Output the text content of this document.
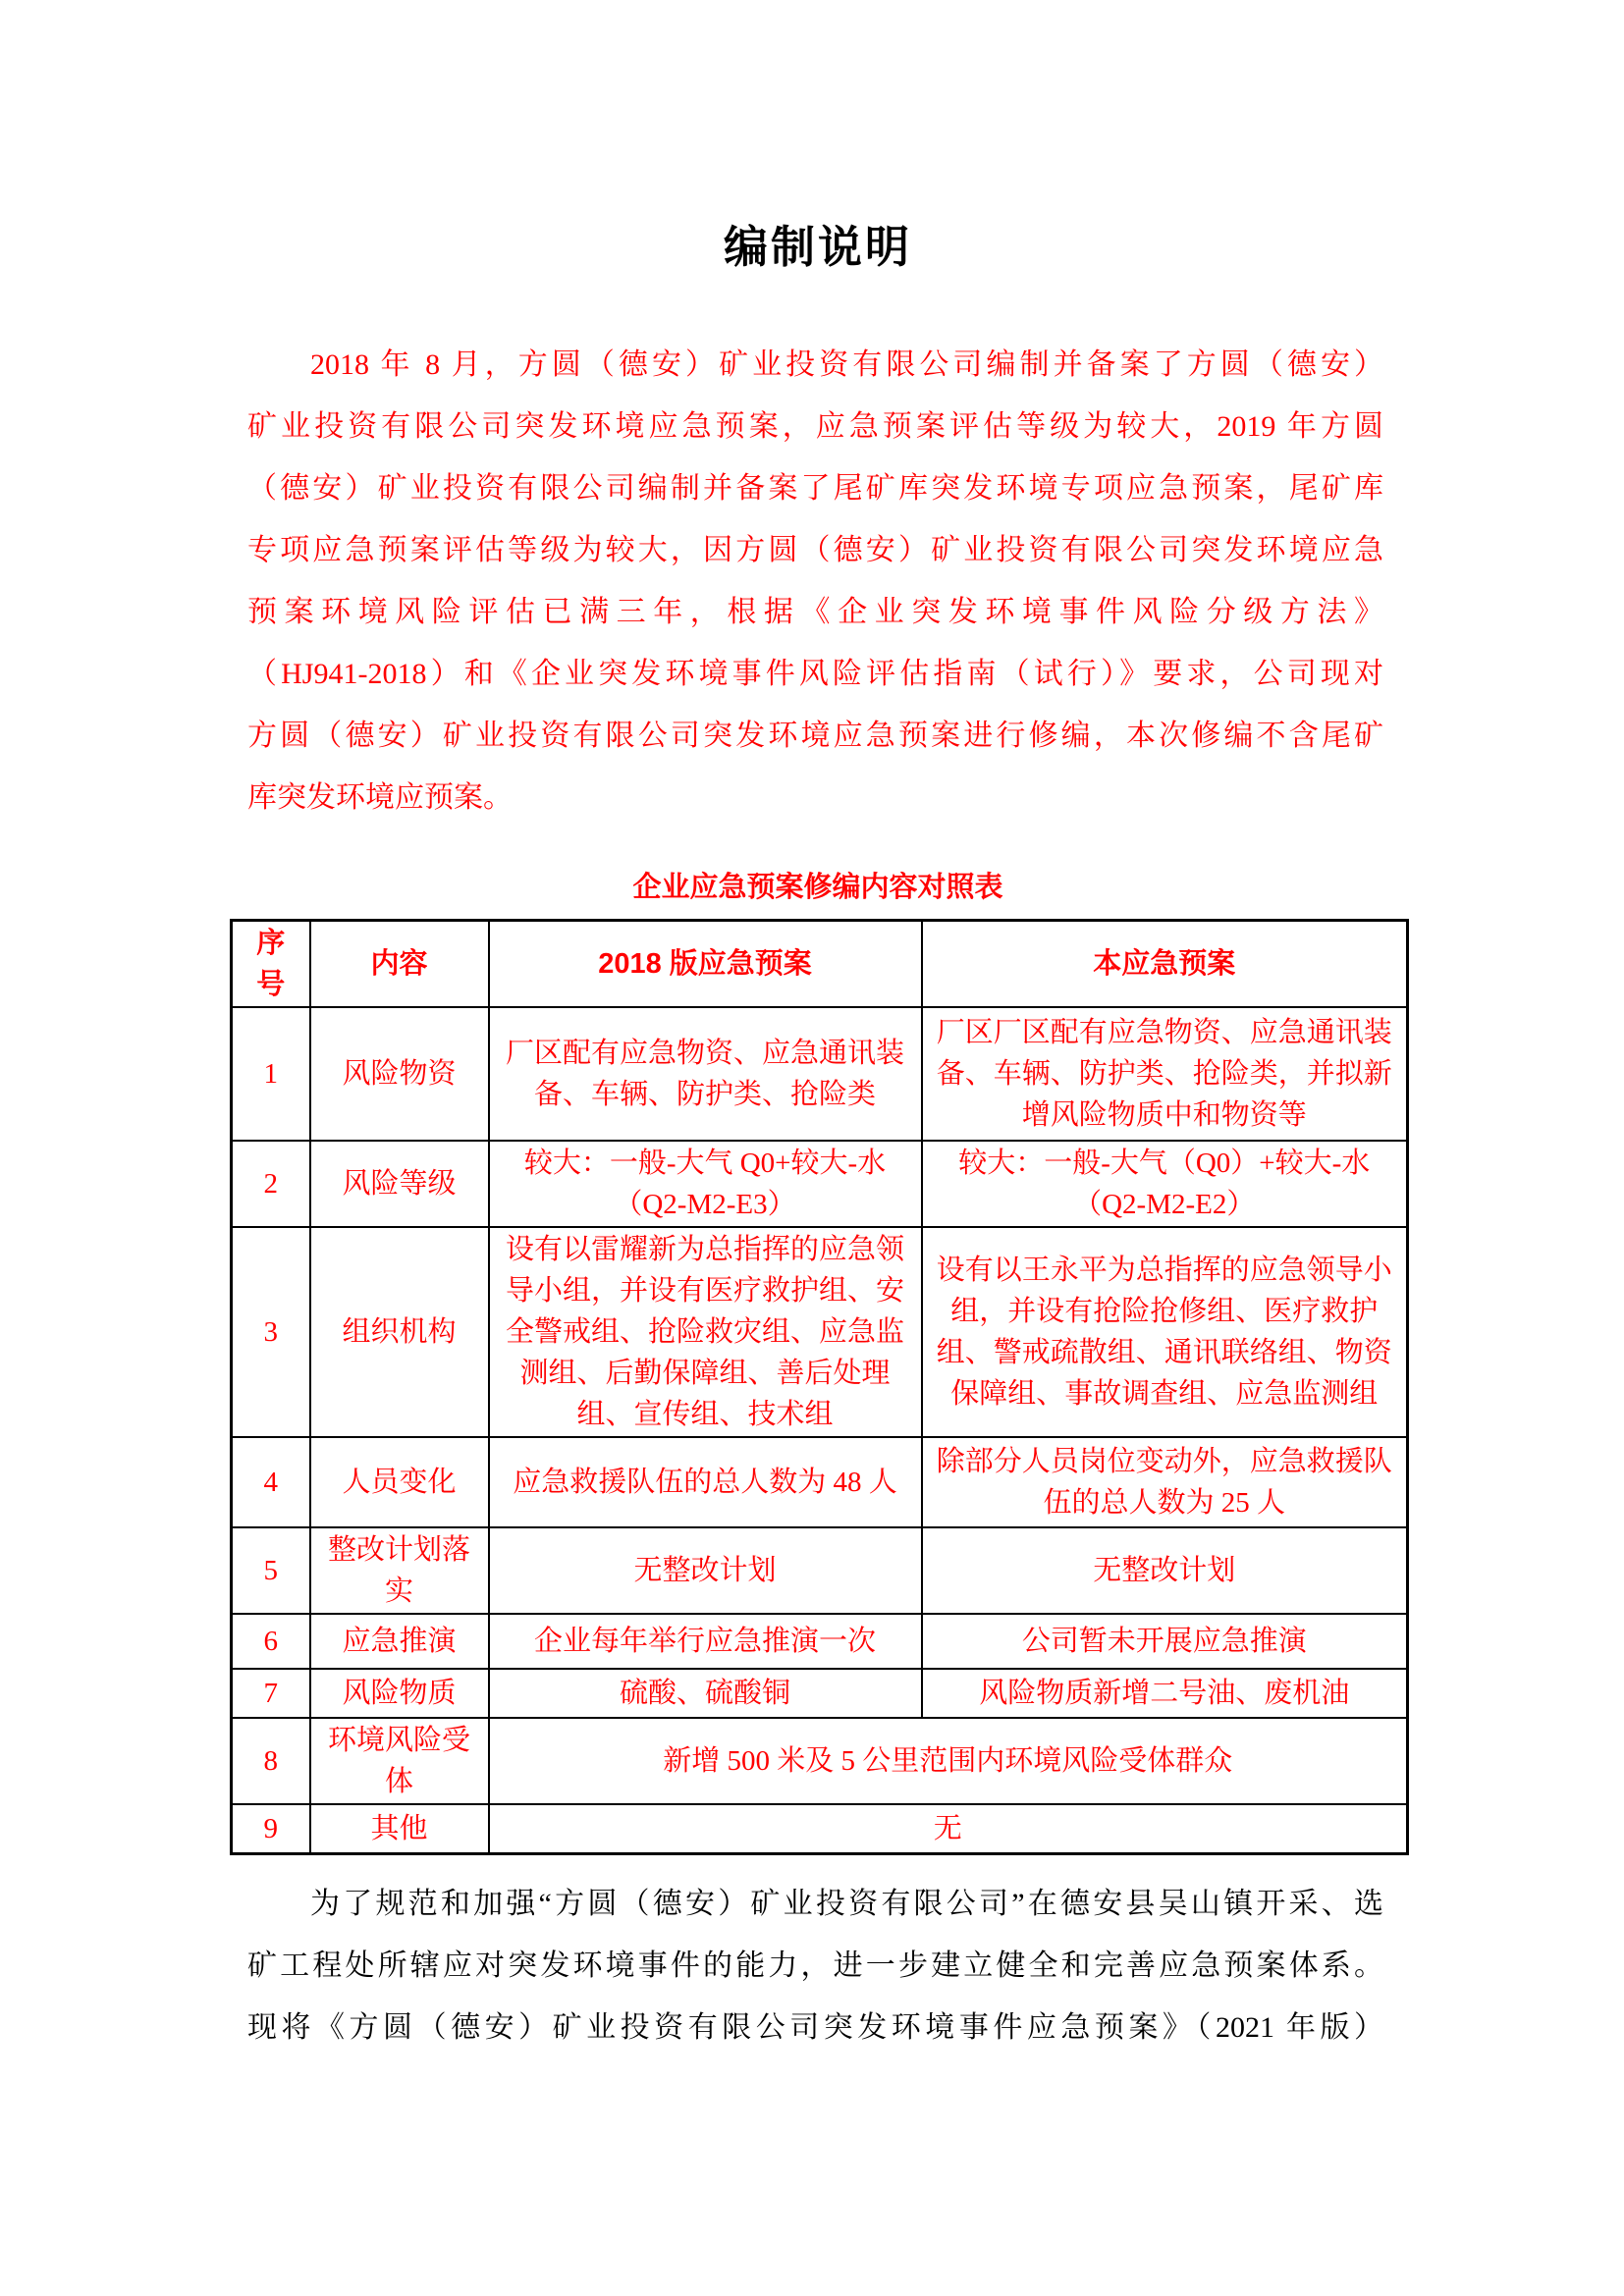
编制说明
2018 年 8 月，方圆（德安）矿业投资有限公司编制并备案了方圆（德安）
矿业投资有限公司突发环境应急预案，应急预案评估等级为较大，2019 年方圆
（德安）矿业投资有限公司编制并备案了尾矿库突发环境专项应急预案，尾矿库
专项应急预案评估等级为较大，因方圆（德安）矿业投资有限公司突发环境应急
预案环境风险评估已满三年，根据《企业突发环境事件风险分级方法》
（HJ941-2018）和《企业突发环境事件风险评估指南（试行）》要求，公司现对
方圆（德安）矿业投资有限公司突发环境应急预案进行修编，本次修编不含尾矿
库突发环境应预案。
企业应急预案修编内容对照表
序号	内容	2018 版应急预案	本应急预案
1	风险物资	厂区配有应急物资、应急通讯装备、车辆、防护类、抢险类	厂区厂区配有应急物资、应急通讯装备、车辆、防护类、抢险类，并拟新增风险物质中和物资等
2	风险等级	较大：一般-大气 Q0+较大-水（Q2-M2-E3）	较大：一般-大气（Q0）+较大-水（Q2-M2-E2）
3	组织机构	设有以雷耀新为总指挥的应急领导小组，并设有医疗救护组、安全警戒组、抢险救灾组、应急监测组、后勤保障组、善后处理组、宣传组、技术组	设有以王永平为总指挥的应急领导小组，并设有抢险抢修组、医疗救护组、警戒疏散组、通讯联络组、物资保障组、事故调查组、应急监测组
4	人员变化	应急救援队伍的总人数为 48 人	除部分人员岗位变动外，应急救援队伍的总人数为 25 人
5	整改计划落实	无整改计划	无整改计划
6	应急推演	企业每年举行应急推演一次	公司暂未开展应急推演
7	风险物质	硫酸、硫酸铜	风险物质新增二号油、废机油
8	环境风险受体	新增 500 米及 5 公里范围内环境风险受体群众	
9	其他	无	
为了规范和加强“方圆（德安）矿业投资有限公司”在德安县吴山镇开采、选
矿工程处所辖应对突发环境事件的能力，进一步建立健全和完善应急预案体系。
现将《方圆（德安）矿业投资有限公司突发环境事件应急预案》（2021 年版）
